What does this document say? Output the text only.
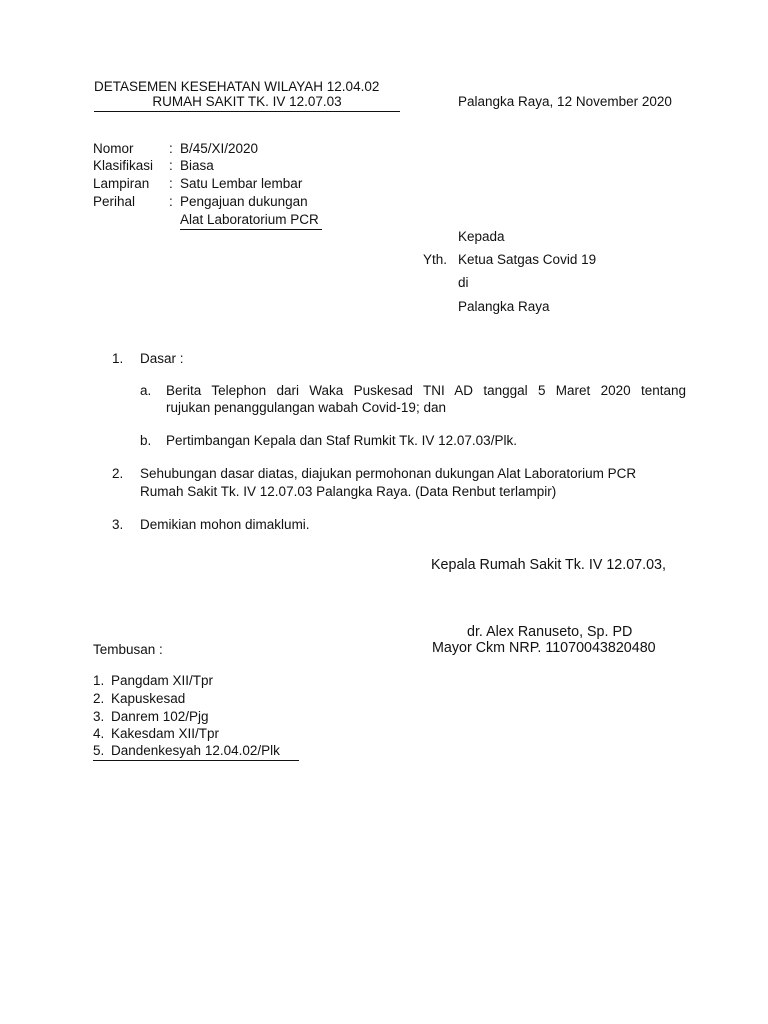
DETASEMEN KESEHATAN WILAYAH 12.04.02
RUMAH SAKIT TK. IV 12.07.03	Palangka Raya, 12 November 2020
Nomor	: B/45/XI/2020
Klasifikasi : Biasa
Lampiran : Satu Lembar lembar
Perihal	: Pengajuan dukungan
Alat Laboratorium PCR
Kepada
Yth. Ketua Satgas Covid 19
di
Palangka Raya
1. Dasar :
a. Berita Telephon dari Waka Puskesad TNI AD tanggal 5 Maret 2020 tentang
rujukan penanggulangan wabah Covid-19; dan
b. Pertimbangan Kepala dan Staf Rumkit Tk. IV 12.07.03/Plk.
2. Sehubungan dasar diatas, diajukan permohonan dukungan Alat Laboratorium PCR
Rumah Sakit Tk. IV 12.07.03 Palangka Raya. (Data Renbut terlampir)
3. Demikian mohon dimaklumi.
Kepala Rumah Sakit Tk. IV 12.07.03,
dr. Alex Ranuseto, Sp. PD
Mayor Ckm NRP. 11070043820480
Tembusan :
1. Pangdam XII/Tpr
2. Kapuskesad
3. Danrem 102/Pjg
4. Kakesdam XII/Tpr
5. Dandenkesyah 12.04.02/Plk
